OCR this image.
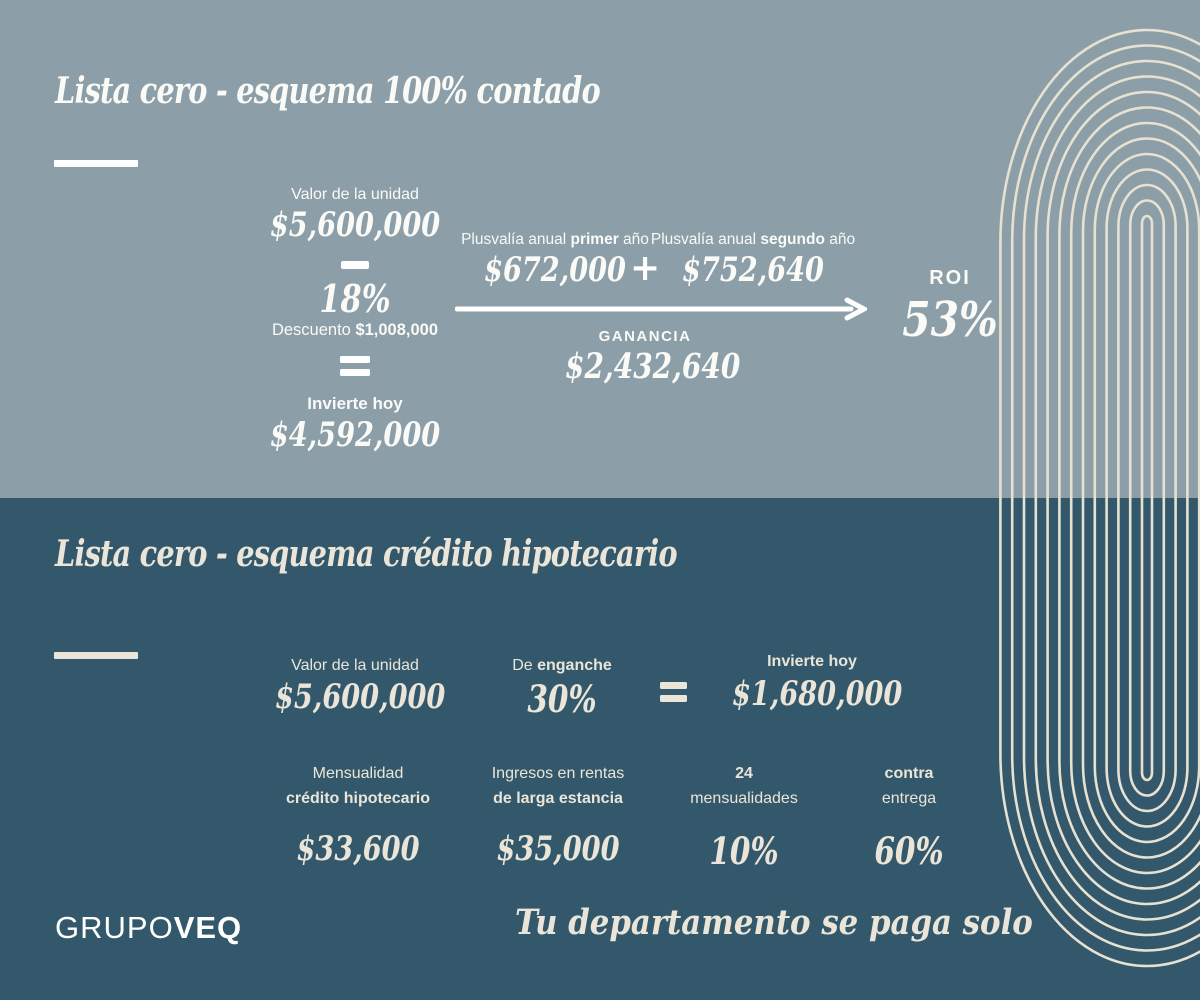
Lista cero - esquema 100% contado
Valor de la unidad
$5,600,000
18%
Descuento $1,008,000
Invierte hoy
$4,592,000
Plusvalía anual primer año
$672,000 +
Plusvalía anual segundo año
$752,640
GANANCIA
$2,432,640
ROI
53%
Lista cero - esquema crédito hipotecario
Valor de la unidad
$5,600,000
De enganche
30%
Invierte hoy
$1,680,000
Mensualidad
crédito hipotecario
$33,600
Ingresos en rentas
de larga estancia
$35,000
24
mensualidades
10%
contra
entrega
60%
GRUPOVEQ	Tu departamento se paga solo
